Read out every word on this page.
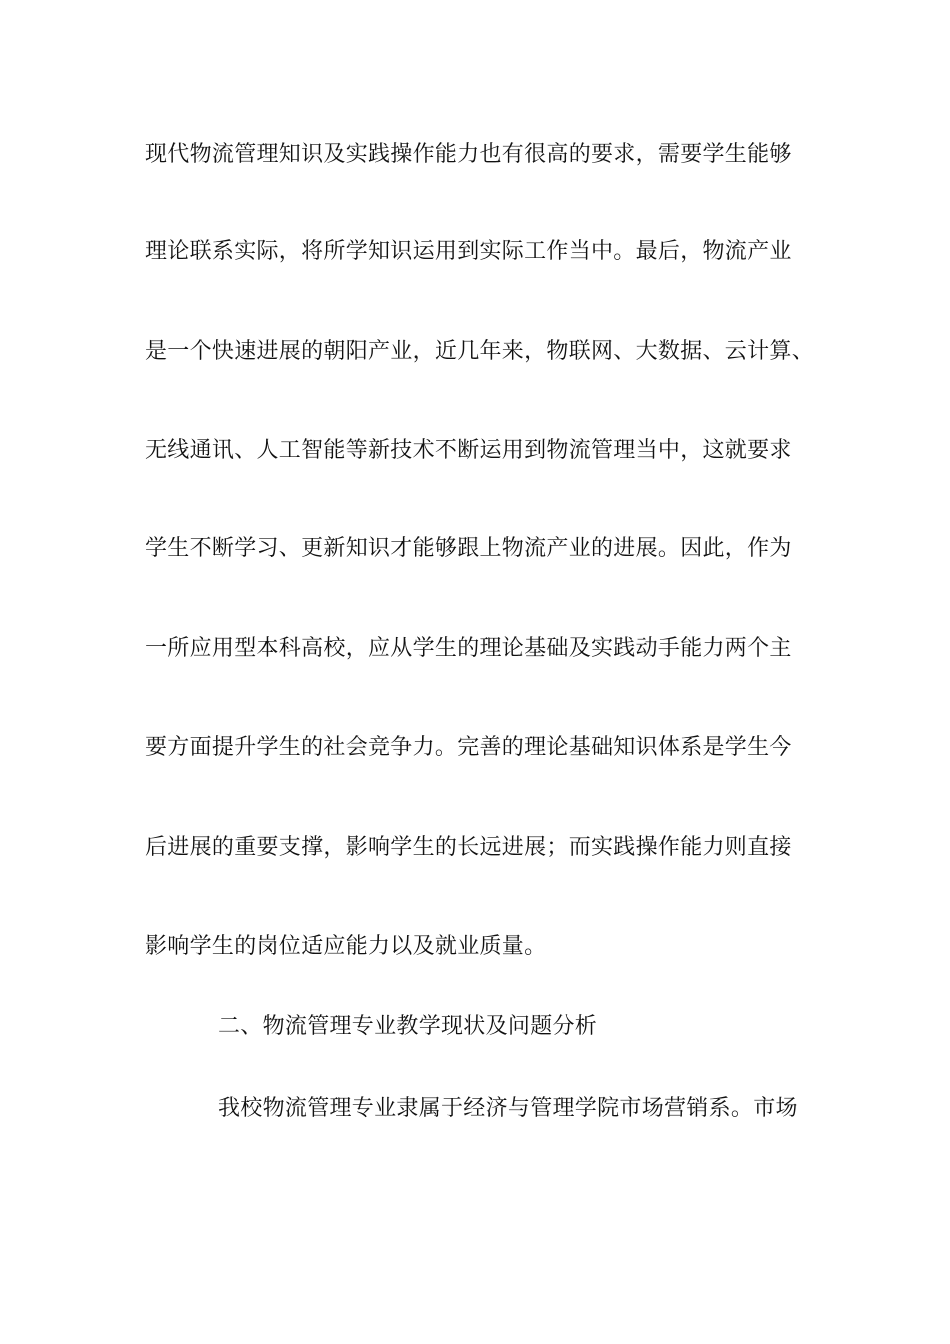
现代物流管理知识及实践操作能力也有很高的要求，需要学生能够
理论联系实际，将所学知识运用到实际工作当中。最后，物流产业
是一个快速进展的朝阳产业，近几年来，物联网、大数据、云计算、
无线通讯、人工智能等新技术不断运用到物流管理当中，这就要求
学生不断学习、更新知识才能够跟上物流产业的进展。因此，作为
一所应用型本科高校，应从学生的理论基础及实践动手能力两个主
要方面提升学生的社会竞争力。完善的理论基础知识体系是学生今
后进展的重要支撑，影响学生的长远进展；而实践操作能力则直接
影响学生的岗位适应能力以及就业质量。
二、物流管理专业教学现状及问题分析
我校物流管理专业隶属于经济与管理学院市场营销系。市场
